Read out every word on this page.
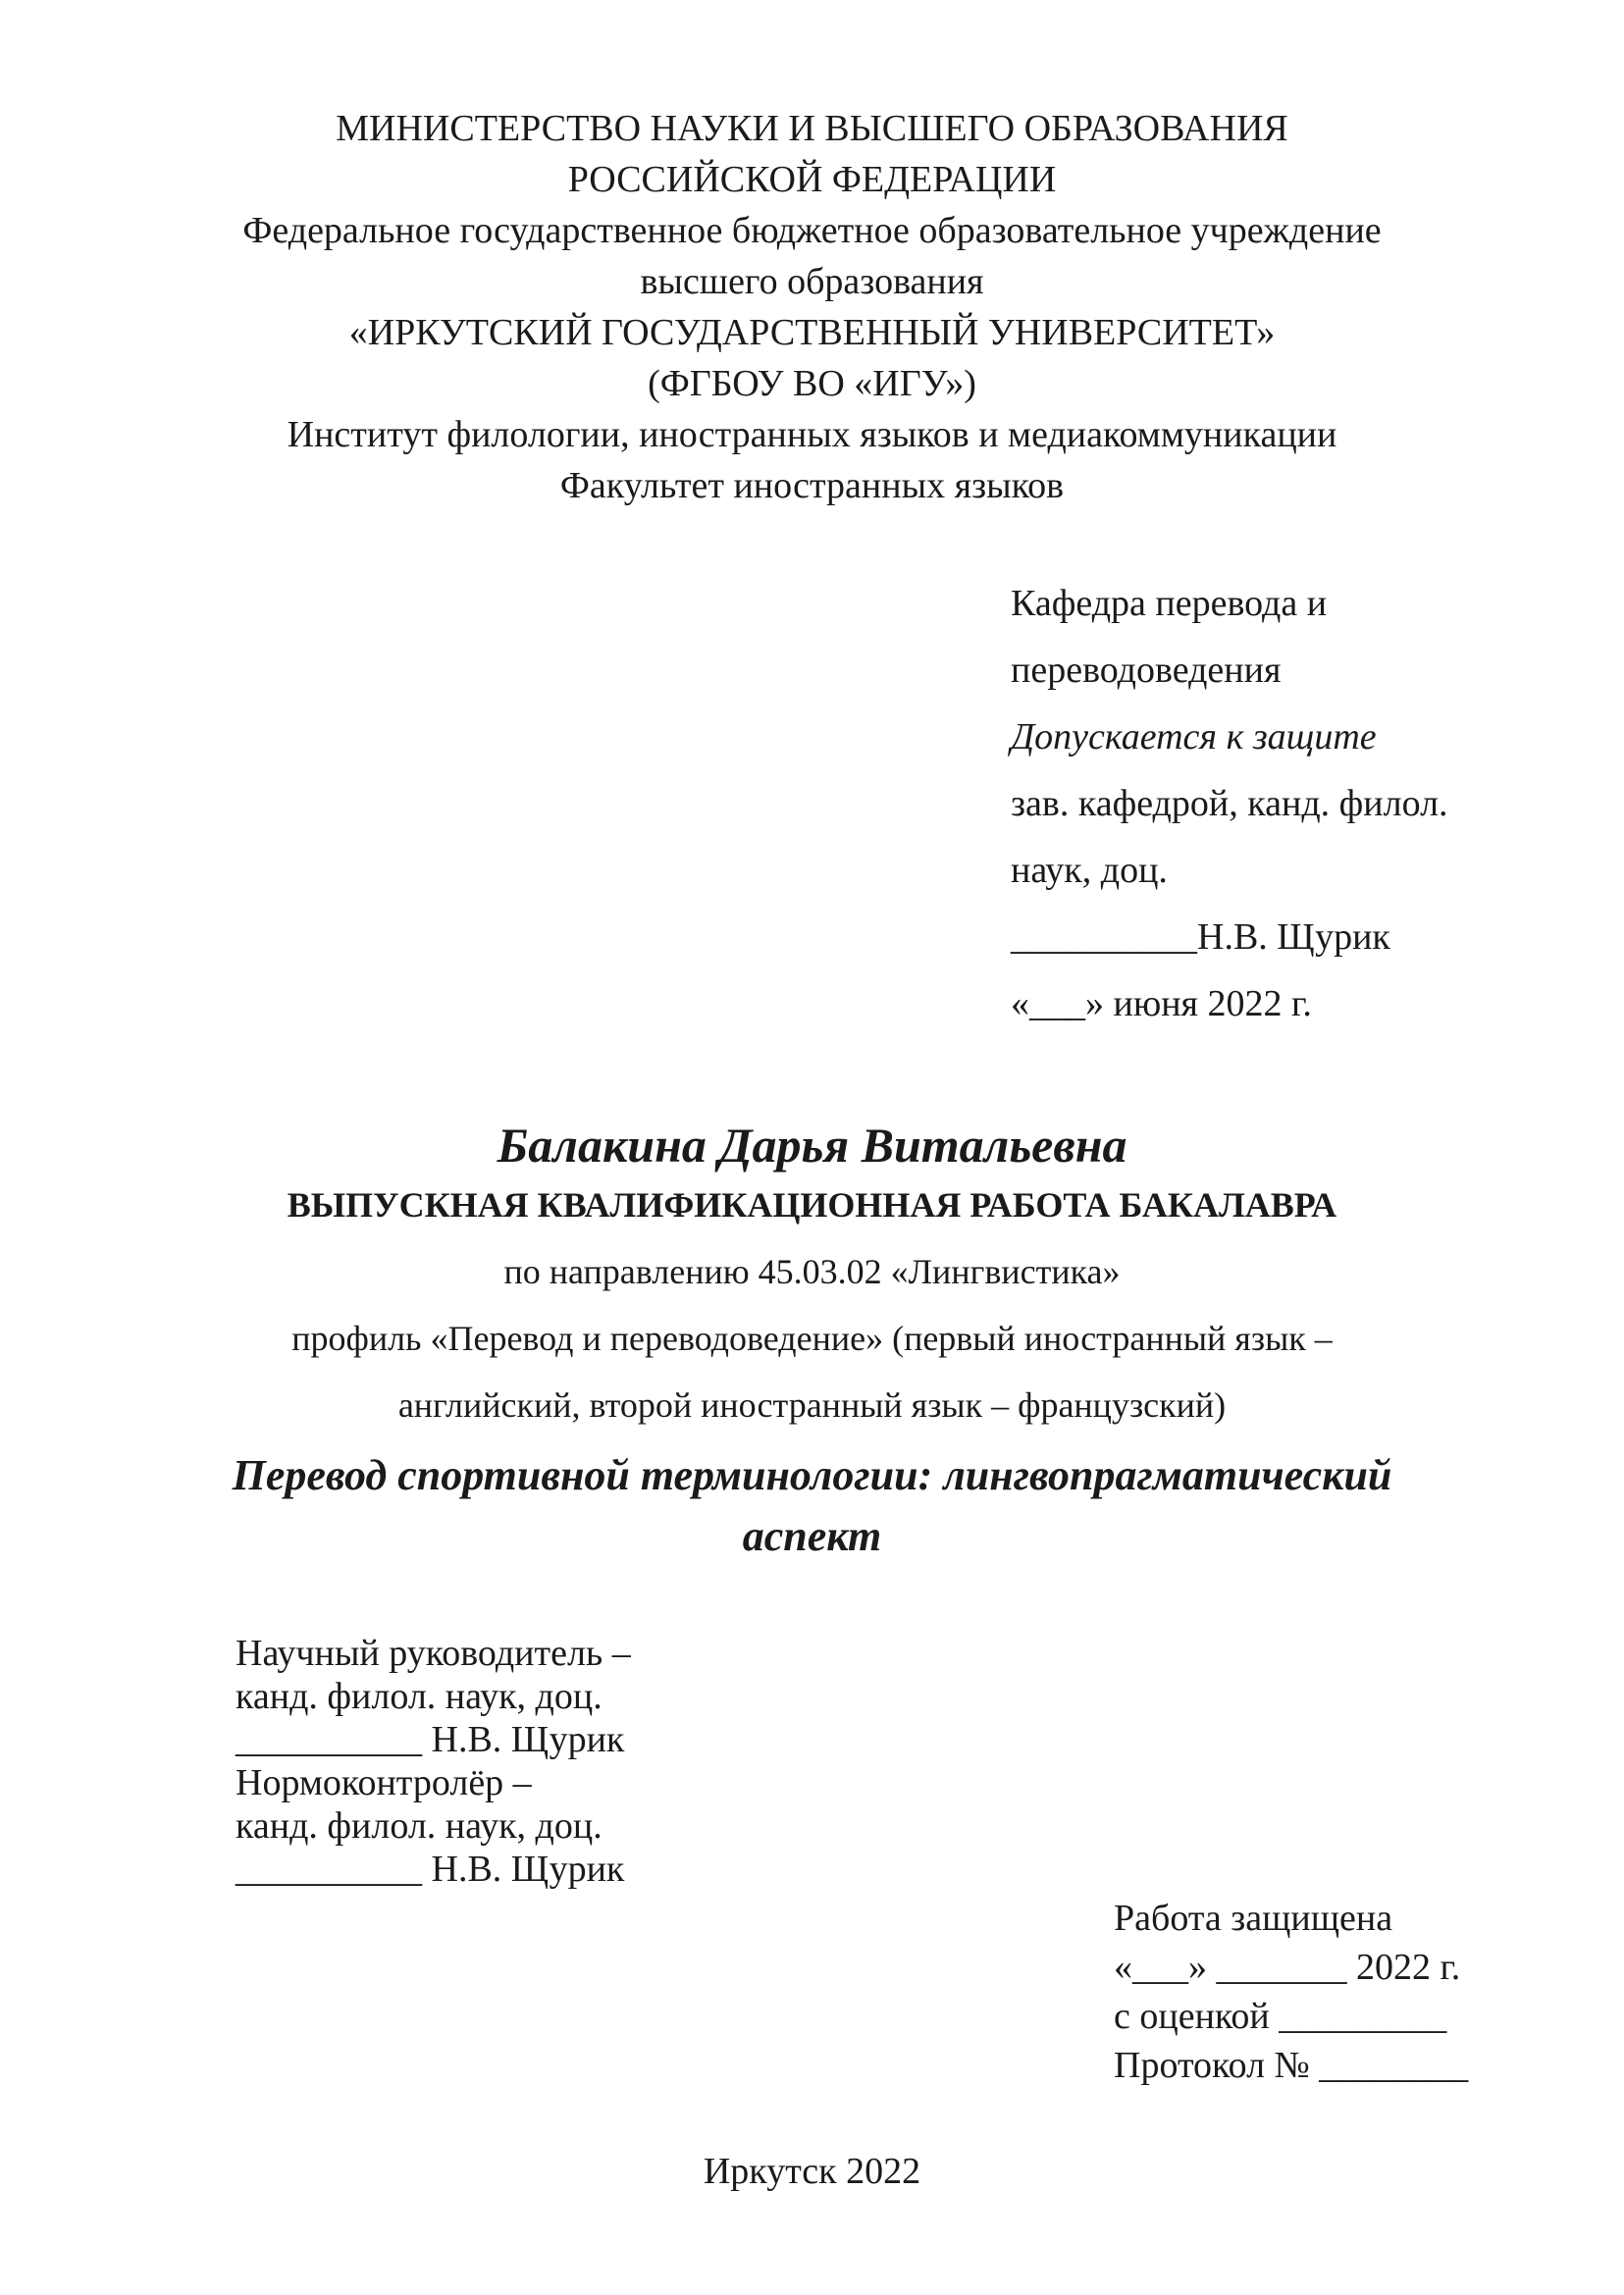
МИНИСТЕРСТВО НАУКИ И ВЫСШЕГО ОБРАЗОВАНИЯ
РОССИЙСКОЙ ФЕДЕРАЦИИ
Федеральное государственное бюджетное образовательное учреждение
высшего образования
«ИРКУТСКИЙ ГОСУДАРСТВЕННЫЙ УНИВЕРСИТЕТ»
(ФГБОУ ВО «ИГУ»)
Институт филологии, иностранных языков и медиакоммуникации
Факультет иностранных языков
Кафедра перевода и
переводоведения
Допускается к защите
зав. кафедрой, канд. филол.
наук, доц.
__________Н.В. Щурик
«___» июня 2022 г.
Балакина Дарья Витальевна
ВЫПУСКНАЯ КВАЛИФИКАЦИОННАЯ РАБОТА БАКАЛАВРА
по направлению 45.03.02 «Лингвистика»
профиль «Перевод и переводоведение» (первый иностранный язык –
английский, второй иностранный язык – французский)
Перевод спортивной терминологии: лингвопрагматический
аспект
Научный руководитель –
канд. филол. наук, доц.
__________ Н.В. Щурик
Нормоконтролёр –
канд. филол. наук, доц.
__________ Н.В. Щурик
Работа защищена
«___» _______ 2022 г.
с оценкой _________
Протокол № ________
Иркутск 2022
